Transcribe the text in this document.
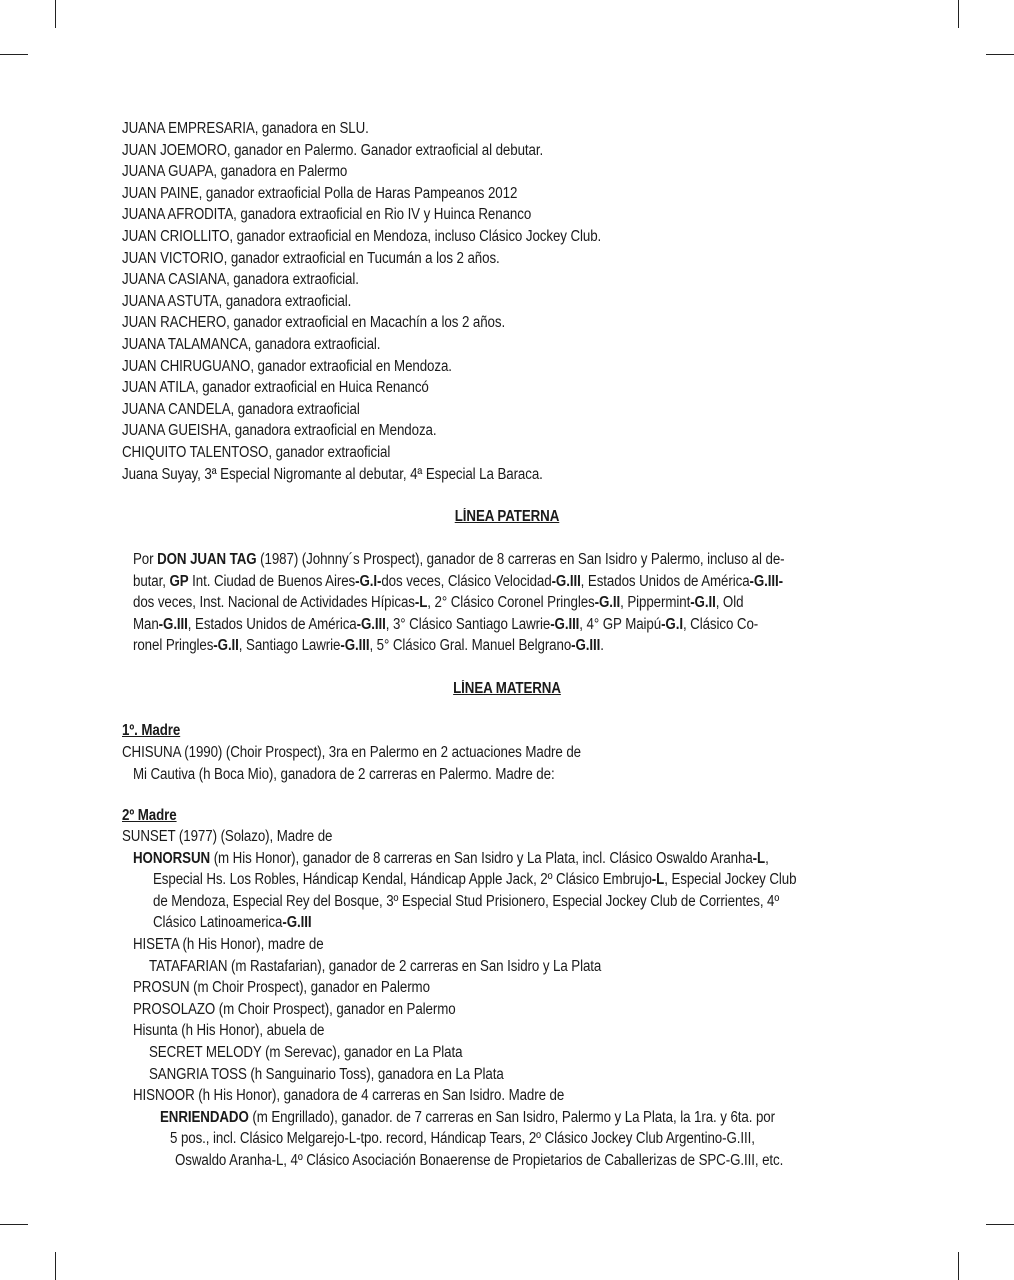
JUANA EMPRESARIA, ganadora en SLU.

JUAN JOEMORO, ganador en Palermo. Ganador extraoficial al debutar.

JUANA GUAPA, ganadora en Palermo

JUAN PAINE, ganador extraoficial Polla de Haras Pampeanos 2012

JUANA AFRODITA, ganadora extraoficial en Rio IV y Huinca Renanco

JUAN CRIOLLITO, ganador extraoficial en Mendoza, incluso Clásico Jockey Club.

JUAN VICTORIO, ganador extraoficial en Tucumán a los 2 años.

JUANA CASIANA, ganadora extraoficial.

JUANA ASTUTA, ganadora extraoficial.

JUAN RACHERO, ganador extraoficial en Macachín a los 2 años.

JUANA TALAMANCA, ganadora extraoficial.

JUAN CHIRUGUANO, ganador extraoficial en Mendoza.

JUAN ATILA, ganador extraoficial en Huica Renancó

JUANA CANDELA, ganadora extraoficial

JUANA GUEISHA, ganadora extraoficial en Mendoza.

CHIQUITO TALENTOSO, ganador extraoficial

Juana Suyay, 3ª Especial Nigromante al debutar, 4ª Especial La Baraca.

LÍNEA PATERNA

Por DON JUAN TAG (1987) (Johnny´s Prospect), ganador de 8 carreras en San Isidro y Palermo, incluso al de-

butar, GP Int. Ciudad de Buenos Aires-G.I-dos veces, Clásico Velocidad-G.III, Estados Unidos de América-G.III-

dos veces, Inst. Nacional de Actividades Hípicas-L, 2° Clásico Coronel Pringles-G.II, Pippermint-G.II, Old

Man-G.III, Estados Unidos de América-G.III, 3° Clásico Santiago Lawrie-G.III, 4° GP Maipú-G.I, Clásico Co-

ronel Pringles-G.II, Santiago Lawrie-G.III, 5° Clásico Gral. Manuel Belgrano-G.III.

LÍNEA MATERNA

1º. Madre

CHISUNA (1990) (Choir Prospect), 3ra en Palermo en 2 actuaciones Madre de

Mi Cautiva (h Boca Mio), ganadora de 2 carreras en Palermo. Madre de:

2º Madre

SUNSET (1977) (Solazo), Madre de

HONORSUN (m His Honor), ganador de 8 carreras en San Isidro y La Plata, incl. Clásico Oswaldo Aranha-L,

Especial Hs. Los Robles, Hándicap Kendal, Hándicap Apple Jack, 2º Clásico Embrujo-L, Especial Jockey Club

de Mendoza, Especial Rey del Bosque, 3º Especial Stud Prisionero, Especial Jockey Club de Corrientes, 4º

Clásico Latinoamerica-G.III

HISETA (h His Honor), madre de

TATAFARIAN (m Rastafarian), ganador de 2 carreras en San Isidro y La Plata

PROSUN (m Choir Prospect), ganador en Palermo

PROSOLAZO (m Choir Prospect), ganador en Palermo

Hisunta (h His Honor), abuela de

SECRET MELODY (m Serevac), ganador en La Plata

SANGRIA TOSS (h Sanguinario Toss), ganadora en La Plata

HISNOOR (h His Honor), ganadora de 4 carreras en San Isidro. Madre de

ENRIENDADO (m Engrillado), ganador. de 7 carreras en San Isidro, Palermo y La Plata, la 1ra. y 6ta. por

5 pos., incl. Clásico Melgarejo-L-tpo. record, Hándicap Tears, 2º Clásico Jockey Club Argentino-G.III,

Oswaldo Aranha-L, 4º Clásico Asociación Bonaerense de Propietarios de Caballerizas de SPC-G.III, etc.
